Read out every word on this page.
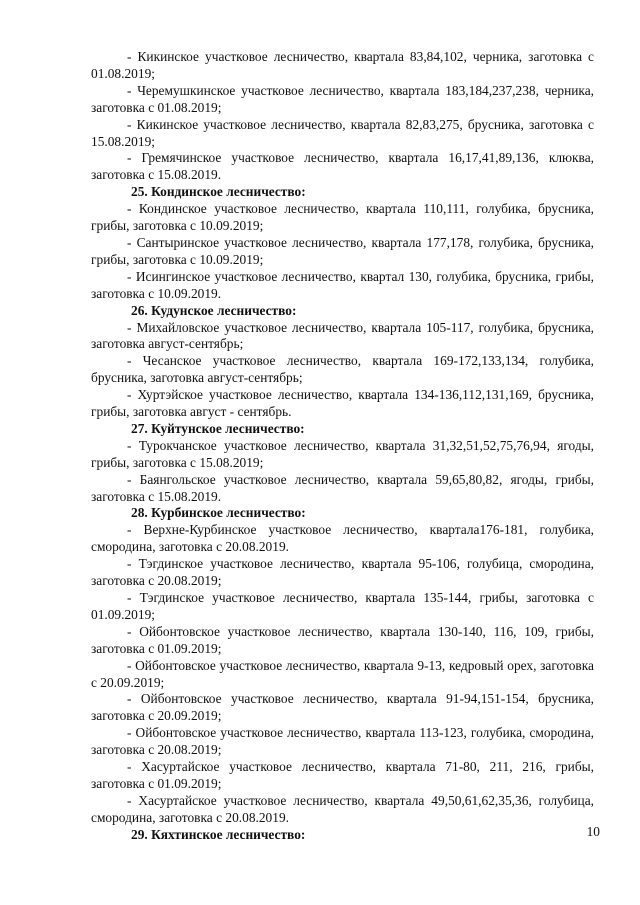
- Кикинское участковое лесничество, квартала 83,84,102, черника, заготовка с 01.08.2019;

- Черемушкинское участковое лесничество, квартала 183,184,237,238, черника, заготовка с 01.08.2019;

- Кикинское участковое лесничество, квартала 82,83,275, брусника, заготовка с 15.08.2019;

- Гремячинское участковое лесничество, квартала 16,17,41,89,136, клюква, заготовка с 15.08.2019.

25. Кондинское лесничество:

- Кондинское участковое лесничество, квартала 110,111, голубика, брусника, грибы, заготовка с 10.09.2019;

- Сантыринское участковое лесничество, квартала 177,178, голубика, брусника, грибы, заготовка с 10.09.2019;

- Исингинское участковое лесничество, квартал 130, голубика, брусника, грибы, заготовка с 10.09.2019.

26. Кудунское лесничество:

- Михайловское участковое лесничество, квартала 105-117, голубика, брусника, заготовка август-сентябрь;

- Чесанское участковое лесничество, квартала 169-172,133,134, голубика, брусника, заготовка август-сентябрь;

- Хуртэйское участковое лесничество, квартала 134-136,112,131,169, брусника, грибы, заготовка август - сентябрь.

27. Куйтунское лесничество:

- Турокчанское участковое лесничество, квартала 31,32,51,52,75,76,94, ягоды, грибы, заготовка с 15.08.2019;

- Баянгольское участковое лесничество, квартала 59,65,80,82, ягоды, грибы, заготовка с 15.08.2019.

28. Курбинское лесничество:

- Верхне-Курбинское участковое лесничество, квартала176-181, голубика, смородина, заготовка с 20.08.2019.

- Тэгдинское участковое лесничество, квартала 95-106, голубица, смородина, заготовка с 20.08.2019;

- Тэгдинское участковое лесничество, квартала 135-144, грибы, заготовка с 01.09.2019;

- Ойбонтовское участковое лесничество, квартала 130-140, 116, 109, грибы, заготовка с 01.09.2019;

- Ойбонтовское участковое лесничество, квартала 9-13, кедровый орех, заготовка с 20.09.2019;

- Ойбонтовское участковое лесничество, квартала 91-94,151-154, брусника, заготовка с 20.09.2019;

- Ойбонтовское участковое лесничество, квартала 113-123, голубика, смородина, заготовка с 20.08.2019;

- Хасуртайское участковое лесничество, квартала 71-80, 211, 216, грибы, заготовка с 01.09.2019;

- Хасуртайское участковое лесничество, квартала 49,50,61,62,35,36, голубица, смородина, заготовка с 20.08.2019.

29. Кяхтинское лесничество:	10
